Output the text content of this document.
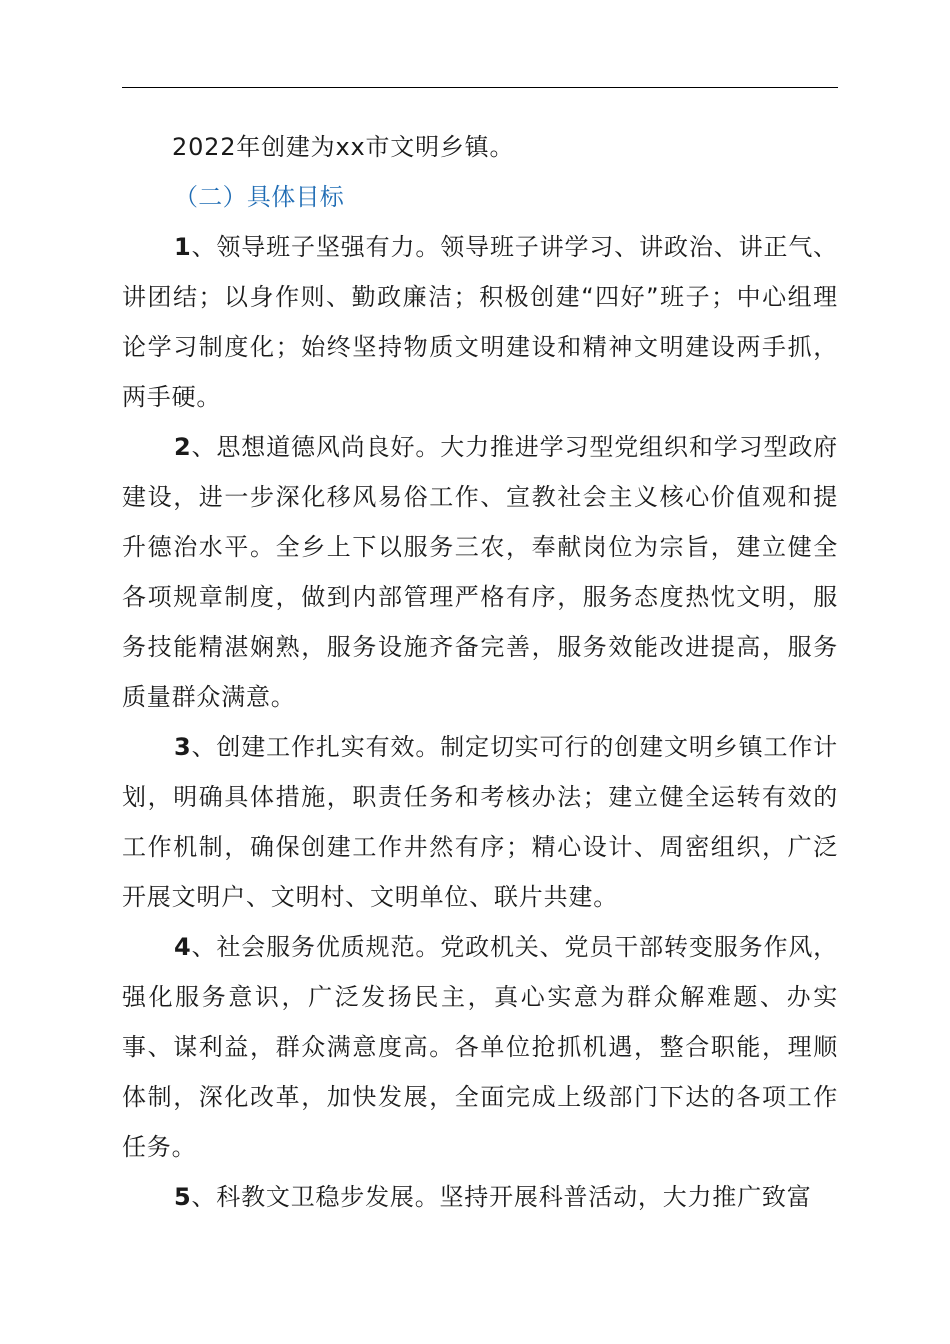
2022年创建为xx市文明乡镇。

（二）具体目标

1、领导班子坚强有力。领导班子讲学习、讲政治、讲正气、讲团结；以身作则、勤政廉洁；积极创建“四好”班子；中心组理论学习制度化；始终坚持物质文明建设和精神文明建设两手抓，两手硬。

2、思想道德风尚良好。大力推进学习型党组织和学习型政府建设，进一步深化移风易俗工作、宣教社会主义核心价值观和提升德治水平。全乡上下以服务三农，奉献岗位为宗旨，建立健全各项规章制度，做到内部管理严格有序，服务态度热忱文明，服务技能精湛娴熟，服务设施齐备完善，服务效能改进提高，服务质量群众满意。

3、创建工作扎实有效。制定切实可行的创建文明乡镇工作计划，明确具体措施，职责任务和考核办法；建立健全运转有效的工作机制，确保创建工作井然有序；精心设计、周密组织，广泛开展文明户、文明村、文明单位、联片共建。

4、社会服务优质规范。党政机关、党员干部转变服务作风，强化服务意识，广泛发扬民主，真心实意为群众解难题、办实事、谋利益，群众满意度高。各单位抢抓机遇，整合职能，理顺体制，深化改革，加快发展，全面完成上级部门下达的各项工作任务。

5、科教文卫稳步发展。坚持开展科普活动，大力推广致富
